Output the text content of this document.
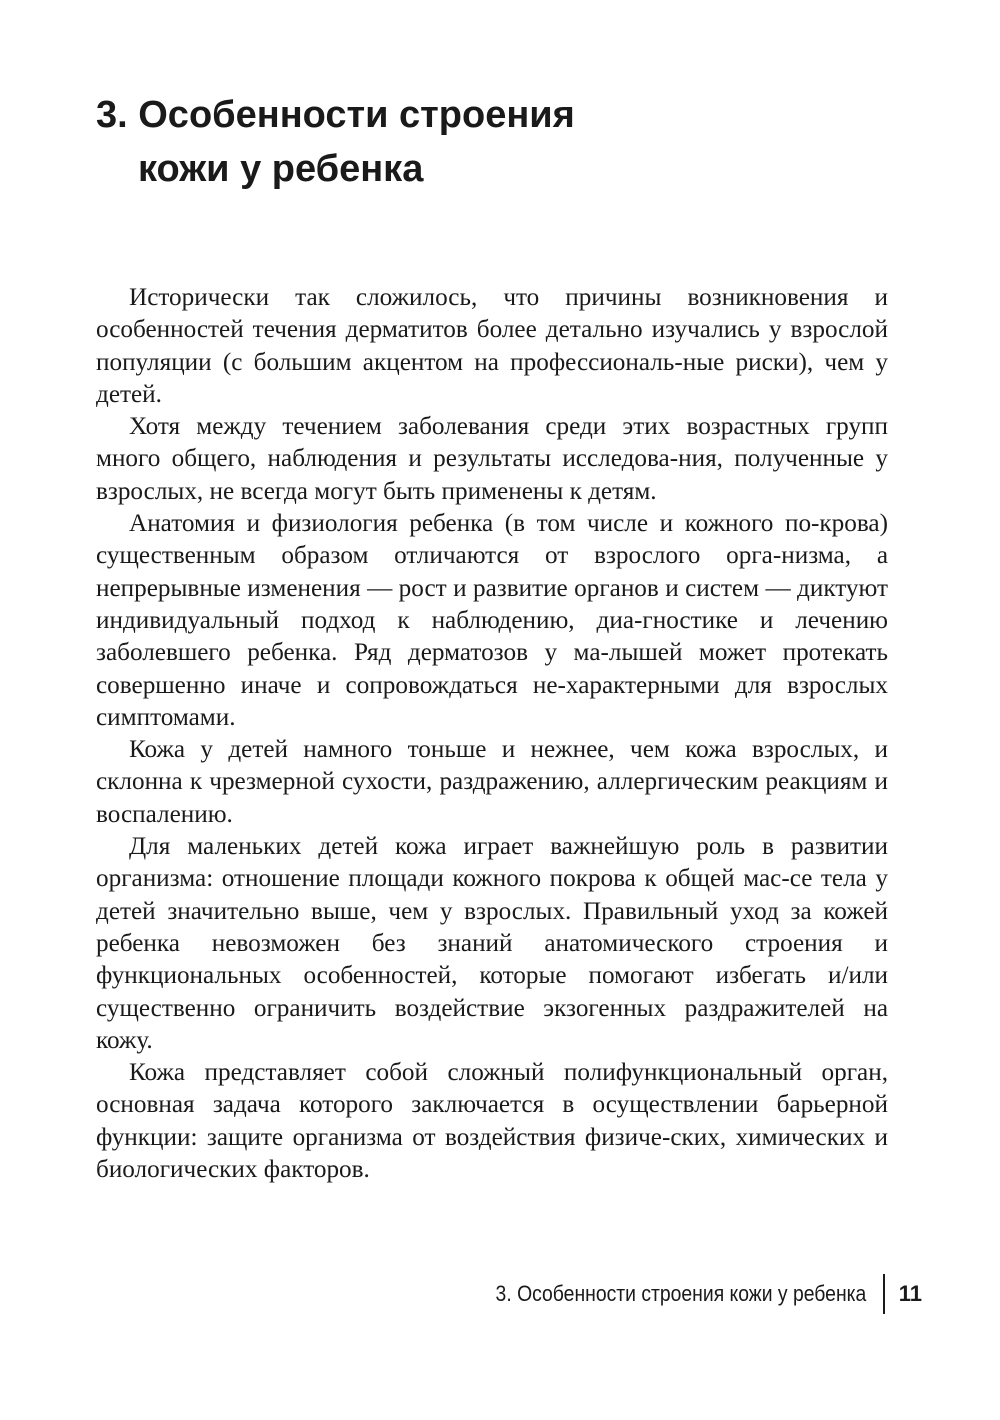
3. Особенности строения
кожи у ребенка

Исторически так сложилось, что причины возникновения и особенностей течения дерматитов более детально изучались у взрослой популяции (с большим акцентом на профессиональ-ные риски), чем у детей.

Хотя между течением заболевания среди этих возрастных групп много общего, наблюдения и результаты исследова-ния, полученные у взрослых, не всегда могут быть применены к детям.

Анатомия и физиология ребенка (в том числе и кожного по-крова) существенным образом отличаются от взрослого орга-низма, а непрерывные изменения — рост и развитие органов и систем — диктуют индивидуальный подход к наблюдению, диа-гностике и лечению заболевшего ребенка. Ряд дерматозов у ма-лышей может протекать совершенно иначе и сопровождаться не-характерными для взрослых симптомами.

Кожа у детей намного тоньше и нежнее, чем кожа взрослых, и склонна к чрезмерной сухости, раздражению, аллергическим реакциям и воспалению.

Для маленьких детей кожа играет важнейшую роль в развитии организма: отношение площади кожного покрова к общей мас-се тела у детей значительно выше, чем у взрослых. Правильный уход за кожей ребенка невозможен без знаний анатомического строения и функциональных особенностей, которые помогают избегать и/или существенно ограничить воздействие экзогенных раздражителей на кожу.

Кожа представляет собой сложный полифункциональный орган, основная задача которого заключается в осуществлении барьерной функции: защите организма от воздействия физиче-ских, химических и биологических факторов.

3. Особенности строения кожи у ребенка 11
